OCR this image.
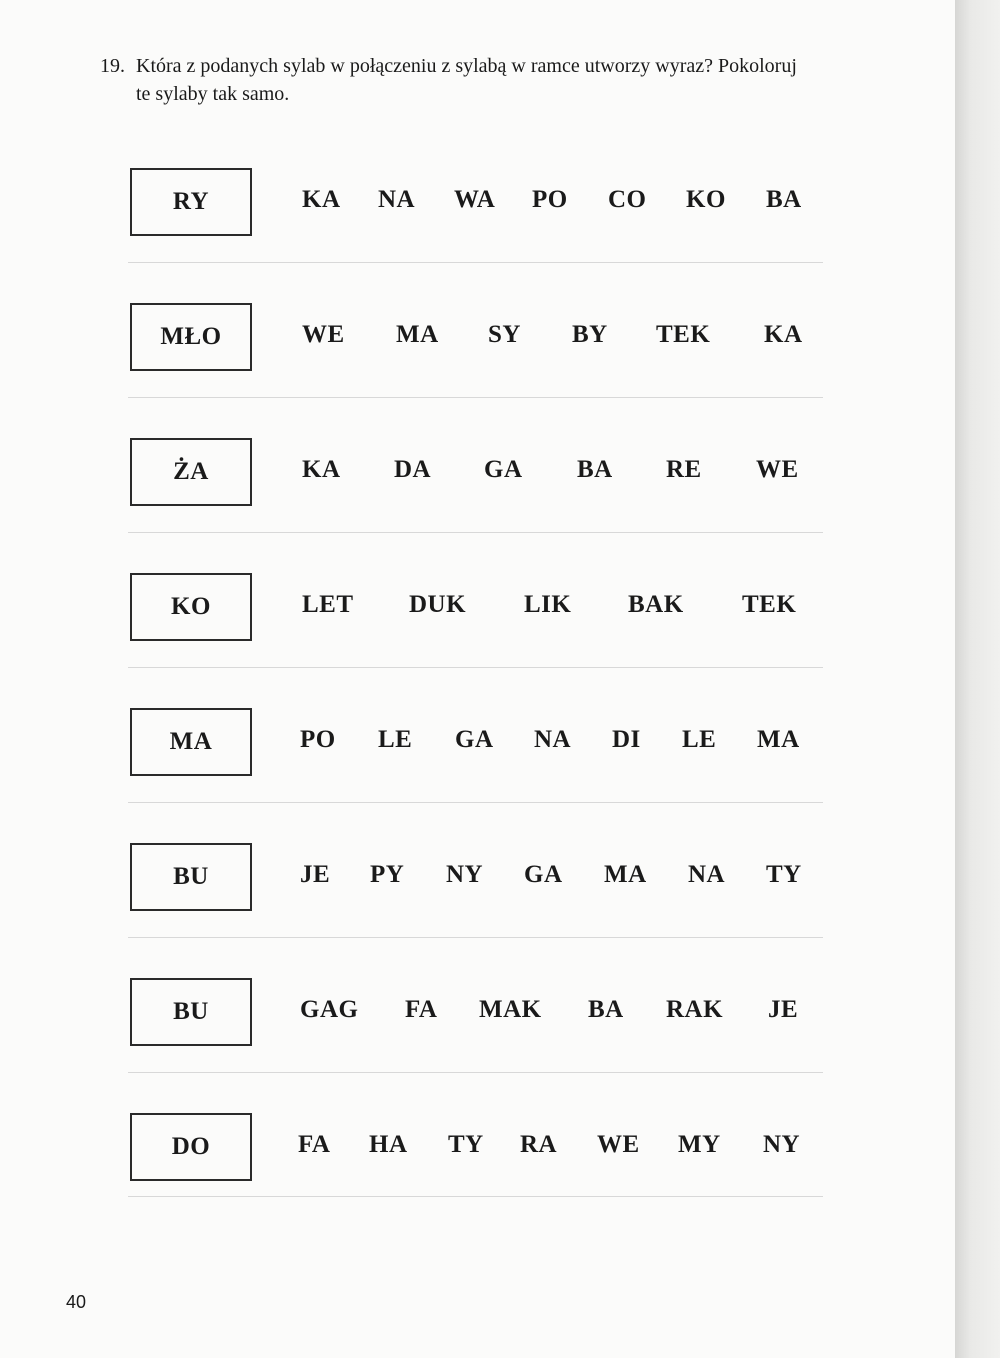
19. Która z podanych sylab w połączeniu z sylabą w ramce utworzy wyraz? Pokoloruj
te sylaby tak samo.
RY	KA NA WA PO CO KO BA
MŁO	WE MA SY BY TEK KA
ŻA	KA DA GA BA RE WE
KO	LET DUK LIK BAK TEK
MA	PO LE GA NA DI LE MA
BU	JE PY NY GA MA NA TY
BU	GAG FA MAK BA RAK JE
DO	FA HA TY RA WE MY NY
40
